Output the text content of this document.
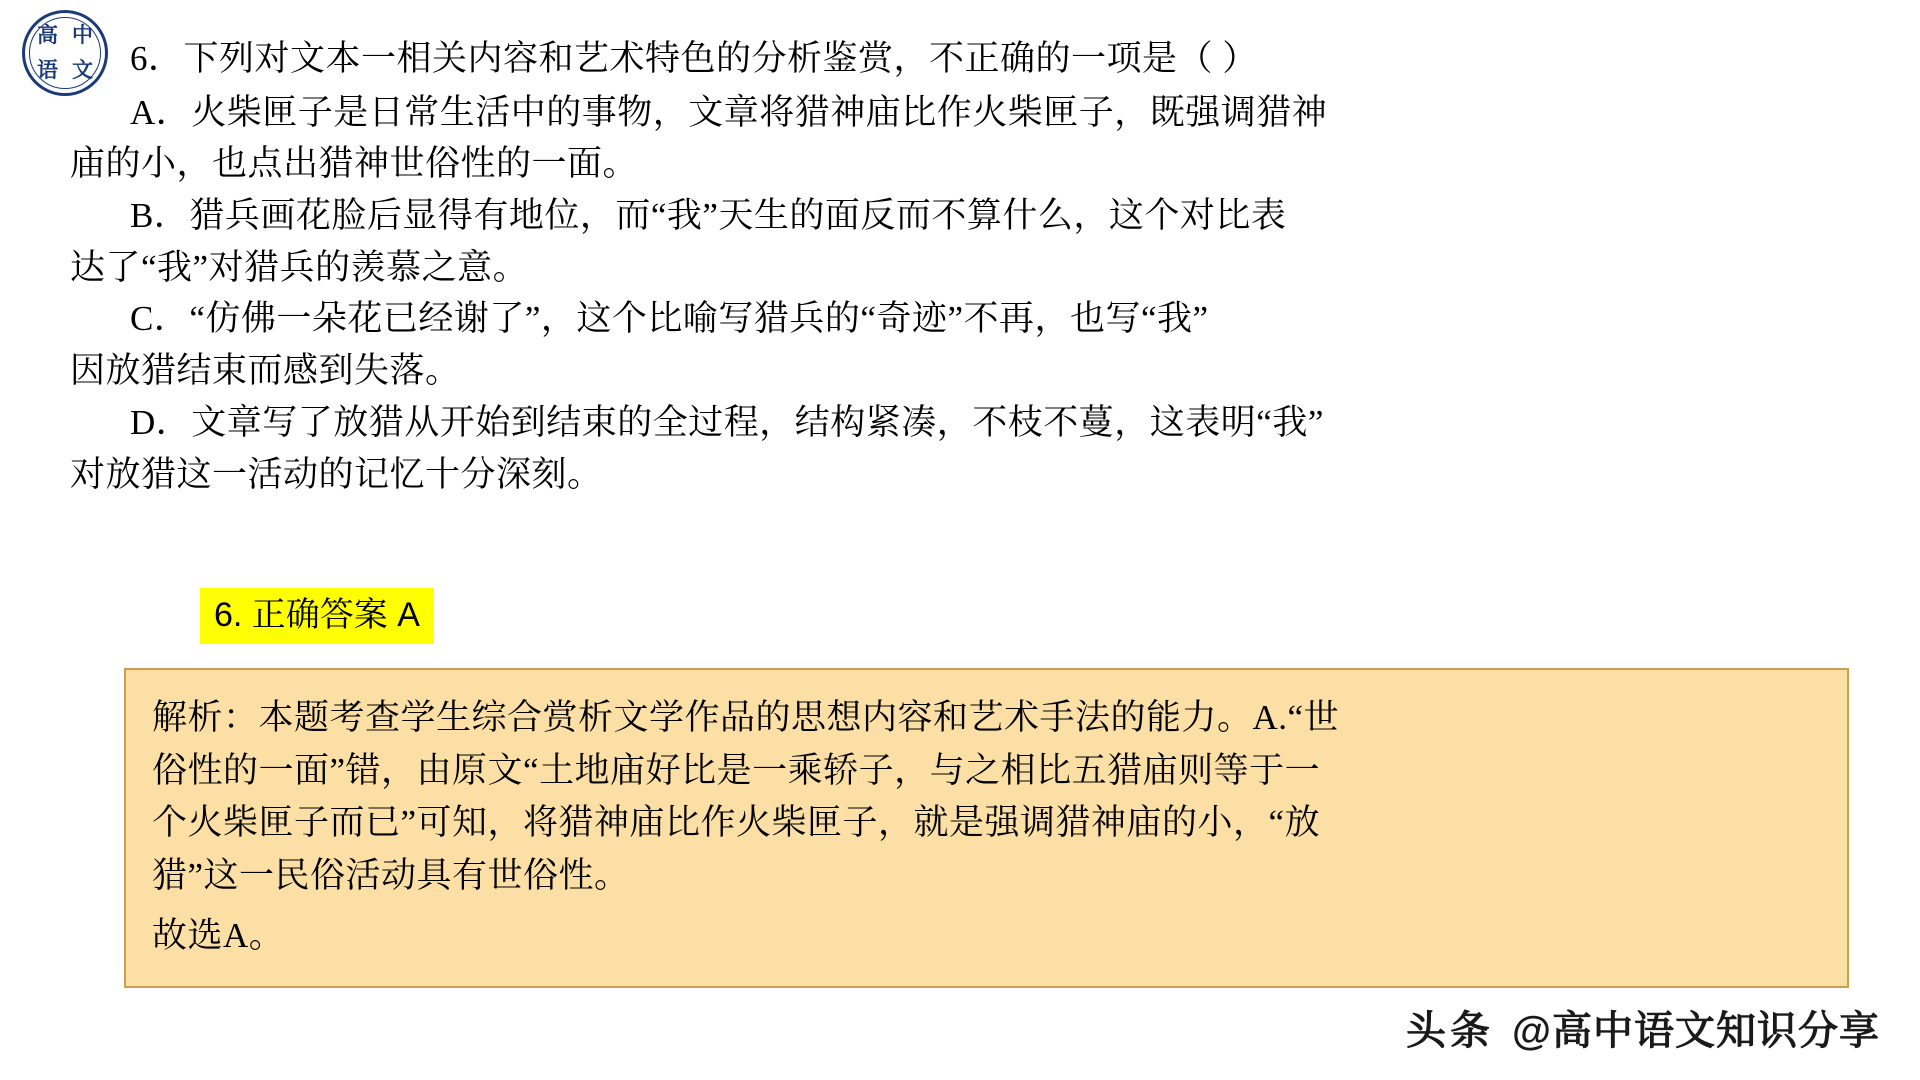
高 中
语 文	6．下列对文本一相关内容和艺术特色的分析鉴赏，不正确的一项是（ ）

A．火柴匣子是日常生活中的事物，文章将猎神庙比作火柴匣子，既强调猎神

庙的小，也点出猎神世俗性的一面。

B．猎兵画花脸后显得有地位，而“我”天生的面反而不算什么，这个对比表

达了“我”对猎兵的羡慕之意。

C．“仿佛一朵花已经谢了”，这个比喻写猎兵的“奇迹”不再，也写“我”

因放猎结束而感到失落。

D．文章写了放猎从开始到结束的全过程，结构紧凑，不枝不蔓，这表明“我”

对放猎这一活动的记忆十分深刻。

6. 正确答案 A

解析：本题考查学生综合赏析文学作品的思想内容和艺术手法的能力。A.“世

俗性的一面”错，由原文“土地庙好比是一乘轿子，与之相比五猎庙则等于一

个火柴匣子而已”可知，将猎神庙比作火柴匣子，就是强调猎神庙的小，“放

猎”这一民俗活动具有世俗性。

故选A。

头条 @高中语文知识分享
